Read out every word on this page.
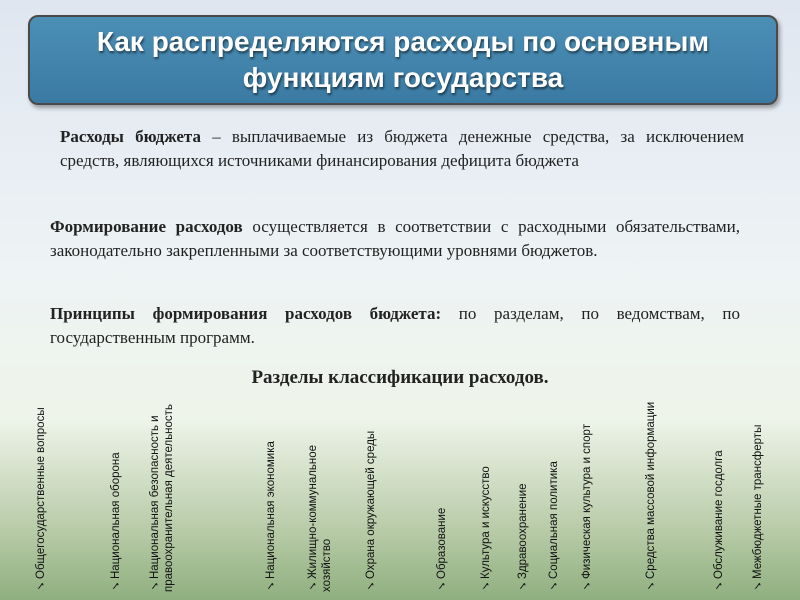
Как распределяются расходы по основным функциям государства
Расходы бюджета – выплачиваемые из бюджета денежные средства, за исключением средств, являющихся источниками финансирования дефицита бюджета
Формирование расходов осуществляется в соответствии с расходными обязательствами, законодательно закрепленными за соответствующими уровнями бюджетов.
Принципы формирования расходов бюджета: по разделам, по ведомствам, по государственным программ.
Разделы классификации расходов.
✓Общегосударственные вопросы
✓Национальная оборона
✓Национальная безопасность и правоохранительная деятельность	✓Национальная экономика
✓Жилищно-коммунальное хозяйство	✓Охрана окружающей среды
✓Образование
✓Культура и искусство
✓Здравоохранение
✓Социальная политика
✓Физическая культура и спорт
✓Средства массовой информации
✓Обслуживание госдолга
✓Межбюджетные трансферты
